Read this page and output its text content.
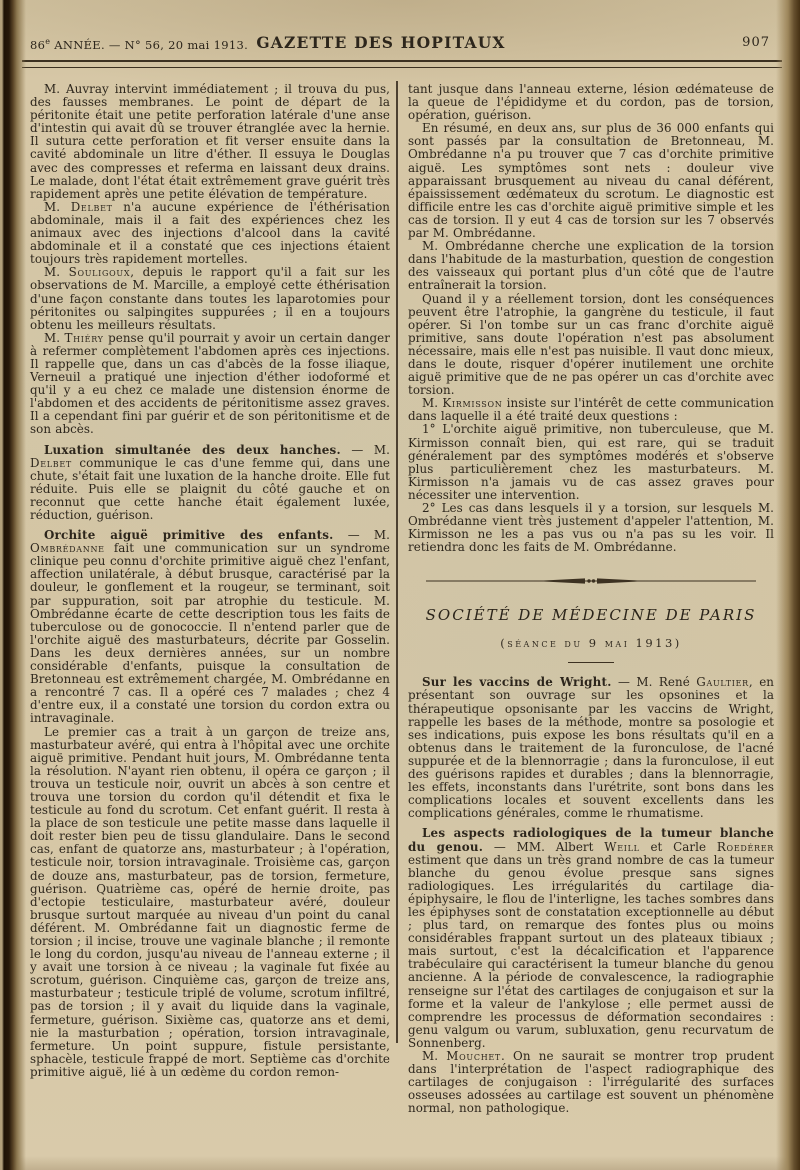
86e ANNÉE. — N° 56, 20 mai 1913. GAZETTE DES HOPITAUX	907

M. Auvray intervint immédiatement ; il trouva du pus, des fausses membranes. Le point de départ de la péritonite était une petite perforation latérale d'une anse d'intestin qui avait dû se trouver étranglée avec la hernie. Il sutura cette perforation et fit verser ensuite dans la cavité abdominale un litre d'éther. Il essuya le Douglas avec des compresses et referma en laissant deux drains. Le malade, dont l'état était extrêmement grave guérit très rapidement après une petite élévation de température.

M. Delbet n'a aucune expérience de l'éthérisation abdominale, mais il a fait des expériences chez les animaux avec des injections d'alcool dans la cavité abdominale et il a constaté que ces injections étaient toujours très rapidement mortelles.

M. Souligoux, depuis le rapport qu'il a fait sur les observations de M. Marcille, a employé cette éthérisation d'une façon constante dans toutes les laparotomies pour péritonites ou salpingites suppurées ; il en a toujours obtenu les meilleurs résultats.

M. Thiéry pense qu'il pourrait y avoir un certain danger à refermer complètement l'abdomen après ces injections. Il rappelle que, dans un cas d'abcès de la fosse iliaque, Verneuil a pratiqué une injection d'éther iodoformé et qu'il y a eu chez ce malade une distension énorme de l'abdomen et des accidents de péritonitisme assez graves. Il a cependant fini par guérir et de son péritonitisme et de son abcès.

Luxation simultanée des deux hanches. — M. Delbet communique le cas d'une femme qui, dans une chute, s'était fait une luxation de la hanche droite. Elle fut réduite. Puis elle se plaignit du côté gauche et on reconnut que cette hanche était également luxée, réduction, guérison.

Orchite aiguë primitive des enfants. — M. Ombrédanne fait une communication sur un syndrome clinique peu connu d'orchite primitive aiguë chez l'enfant, affection unilatérale, à début brusque, caractérisé par la douleur, le gonflement et la rougeur, se terminant, soit par suppuration, soit par atrophie du testicule. M. Ombrédanne écarte de cette description tous les faits de tuberculose ou de gonococcie. Il n'entend parler que de l'orchite aiguë des masturbateurs, décrite par Gosselin. Dans les deux dernières années, sur un nombre considérable d'enfants, puisque la consultation de Bretonneau est extrêmement chargée, M. Ombrédanne en a rencontré 7 cas. Il a opéré ces 7 malades ; chez 4 d'entre eux, il a constaté une torsion du cordon extra ou intravaginale.

Le premier cas a trait à un garçon de treize ans, masturbateur avéré, qui entra à l'hôpital avec une orchite aiguë primitive. Pendant huit jours, M. Ombrédanne tenta la résolution. N'ayant rien obtenu, il opéra ce garçon ; il trouva un testicule noir, ouvrit un abcès à son centre et trouva une torsion du cordon qu'il détendit et fixa le testicule au fond du scrotum. Cet enfant guérit. Il resta à la place de son testicule une petite masse dans laquelle il doit rester bien peu de tissu glandulaire. Dans le second cas, enfant de quatorze ans, masturbateur ; à l'opération, testicule noir, torsion intravaginale. Troisième cas, garçon de douze ans, masturbateur, pas de torsion, fermeture, guérison. Quatrième cas, opéré de hernie droite, pas d'ectopie testiculaire, masturbateur avéré, douleur brusque surtout marquée au niveau d'un point du canal déférent. M. Ombrédanne fait un diagnostic ferme de torsion ; il incise, trouve une vaginale blanche ; il remonte le long du cordon, jusqu'au niveau de l'anneau externe ; il y avait une torsion à ce niveau ; la vaginale fut fixée au scrotum, guérison. Cinquième cas, garçon de treize ans, masturbateur ; testicule triplé de volume, scrotum infiltré, pas de torsion ; il y avait du liquide dans la vaginale, fermeture, guérison. Sixième cas, quatorze ans et demi, nie la masturbation ; opération, torsion intravaginale, fermeture. Un point suppure, fistule persistante, sphacèle, testicule frappé de mort. Septième cas d'orchite primitive aiguë, lié à un œdème du cordon remon-

tant jusque dans l'anneau externe, lésion œdémateuse de la queue de l'épididyme et du cordon, pas de torsion, opération, guérison.

En résumé, en deux ans, sur plus de 36 000 enfants qui sont passés par la consultation de Bretonneau, M. Ombrédanne n'a pu trouver que 7 cas d'orchite primitive aiguë. Les symptômes sont nets : douleur vive apparaissant brusquement au niveau du canal déférent, épaississement œdémateux du scrotum. Le diagnostic est difficile entre les cas d'orchite aiguë primitive simple et les cas de torsion. Il y eut 4 cas de torsion sur les 7 observés par M. Ombrédanne.

M. Ombrédanne cherche une explication de la torsion dans l'habitude de la masturbation, question de congestion des vaisseaux qui portant plus d'un côté que de l'autre entraînerait la torsion.

Quand il y a réellement torsion, dont les conséquences peuvent être l'atrophie, la gangrène du testicule, il faut opérer. Si l'on tombe sur un cas franc d'orchite aiguë primitive, sans doute l'opération n'est pas absolument nécessaire, mais elle n'est pas nuisible. Il vaut donc mieux, dans le doute, risquer d'opérer inutilement une orchite aiguë primitive que de ne pas opérer un cas d'orchite avec torsion.

M. Kirmisson insiste sur l'intérêt de cette communication dans laquelle il a été traité deux questions :

1° L'orchite aiguë primitive, non tuberculeuse, que M. Kirmisson connaît bien, qui est rare, qui se traduit généralement par des symptômes modérés et s'observe plus particulièrement chez les masturbateurs. M. Kirmisson n'a jamais vu de cas assez graves pour nécessiter une intervention.

2° Les cas dans lesquels il y a torsion, sur lesquels M. Ombrédanne vient très justement d'appeler l'attention, M. Kirmisson ne les a pas vus ou n'a pas su les voir. Il retiendra donc les faits de M. Ombrédanne.

SOCIÉTÉ DE MÉDECINE DE PARIS
(séance du 9 mai 1913)

Sur les vaccins de Wright. — M. René Gaultier, en présentant son ouvrage sur les opsonines et la thérapeutique opsonisante par les vaccins de Wright, rappelle les bases de la méthode, montre sa posologie et ses indications, puis expose les bons résultats qu'il en a obtenus dans le traitement de la furonculose, de l'acné suppurée et de la blennorragie ; dans la furonculose, il eut des guérisons rapides et durables ; dans la blennorragie, les effets, inconstants dans l'urétrite, sont bons dans les complications locales et souvent excellents dans les complications générales, comme le rhumatisme.

Les aspects radiologiques de la tumeur blanche du genou. — MM. Albert Weill et Carle Roedérer estiment que dans un très grand nombre de cas la tumeur blanche du genou évolue presque sans signes radiologiques. Les irrégularités du cartilage dia-épiphysaire, le flou de l'interligne, les taches sombres dans les épiphyses sont de constatation exceptionnelle au début ; plus tard, on remarque des fontes plus ou moins considérables frappant surtout un des plateaux tibiaux ; mais surtout, c'est la décalcification et l'apparence trabéculaire qui caractérisent la tumeur blanche du genou ancienne. A la période de convalescence, la radiographie renseigne sur l'état des cartilages de conjugaison et sur la forme et la valeur de l'ankylose ; elle permet aussi de comprendre les processus de déformation secondaires : genu valgum ou varum, subluxation, genu recurvatum de Sonnenberg.

M. Mouchet. On ne saurait se montrer trop prudent dans l'interprétation de l'aspect radiographique des cartilages de conjugaison : l'irrégularité des surfaces osseuses adossées au cartilage est souvent un phénomène normal, non pathologique.
